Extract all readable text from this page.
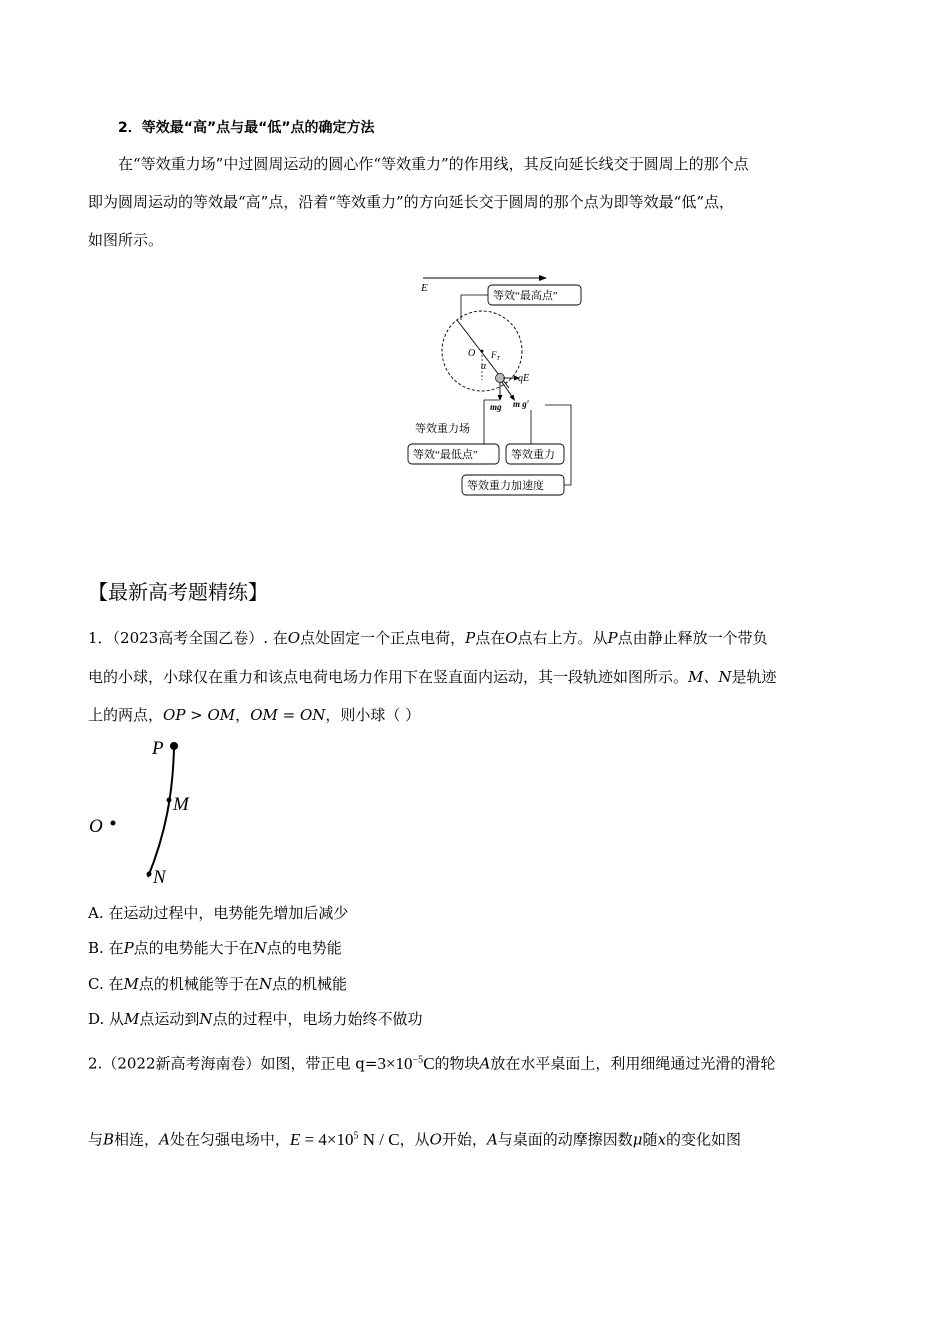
2．等效最“高”点与最“低”点的确定方法
在“等效重力场”中过圆周运动的圆心作“等效重力”的作用线，其反向延长线交于圆周上的那个点
即为圆周运动的等效最“高”点，沿着“等效重力”的方向延长交于圆周的那个点为即等效最“低”点，
如图所示。
E
等效“最高点”
O $F_T$
α
qE
mg m g′
等效重力场
等效“最低点”	等效重力
等效重力加速度
【最新高考题精练】
1．（2023高考全国乙卷）. 在O点处固定一个正点电荷，P点在O点右上方。从P点由静止释放一个带负
电的小球，小球仅在重力和该点电荷电场力作用下在竖直面内运动，其一段轨迹如图所示。M、N是轨迹
上的两点，OP > OM，OM = ON，则小球（ ）
P
M
O
N
A. 在运动过程中，电势能先增加后减少
B. 在P点的电势能大于在N点的电势能
C. 在M点的机械能等于在N点的机械能
D. 从M点运动到N点的过程中，电场力始终不做功
2.（2022新高考海南卷）如图，带正电 $q=3\times 10^{-5}C$的物块A放在水平桌面上，利用细绳通过光滑的滑轮
与B相连，A处在匀强电场中，$E = 4\times 10^5$ N / C，从O开始，A与桌面的动摩擦因数μ随x的变化如图
